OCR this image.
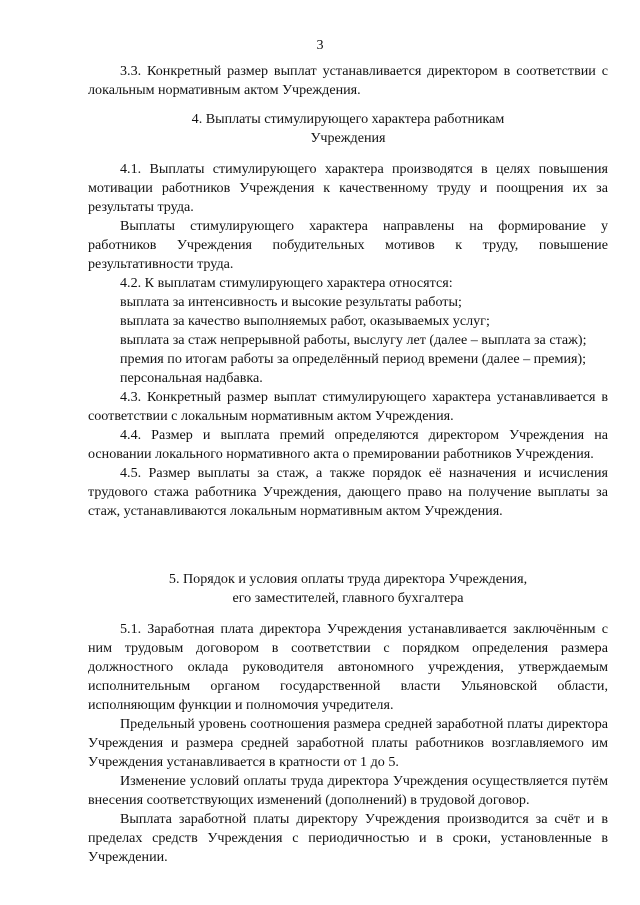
3

3.3. Конкретный размер выплат устанавливается директором в соответствии с локальным нормативным актом Учреждения.

4. Выплаты стимулирующего характера работникам
Учреждения

4.1. Выплаты стимулирующего характера производятся в целях повышения мотивации работников Учреждения к качественному труду и поощрения их за результаты труда.

Выплаты стимулирующего характера направлены на формирование у работников Учреждения побудительных мотивов к труду, повышение результативности труда.

4.2. К выплатам стимулирующего характера относятся:

выплата за интенсивность и высокие результаты работы;

выплата за качество выполняемых работ, оказываемых услуг;

выплата за стаж непрерывной работы, выслугу лет (далее – выплата за стаж);

премия по итогам работы за определённый период времени (далее – премия);

персональная надбавка.

4.3. Конкретный размер выплат стимулирующего характера устанавливается в соответствии с локальным нормативным актом Учреждения.

4.4. Размер и выплата премий определяются директором Учреждения на основании локального нормативного акта о премировании работников Учреждения.

4.5. Размер выплаты за стаж, а также порядок её назначения и исчисления трудового стажа работника Учреждения, дающего право на получение выплаты за стаж, устанавливаются локальным нормативным актом Учреждения.

5. Порядок и условия оплаты труда директора Учреждения,
его заместителей, главного бухгалтера

5.1. Заработная плата директора Учреждения устанавливается заключённым с ним трудовым договором в соответствии с порядком определения размера должностного оклада руководителя автономного учреждения, утверждаемым исполнительным органом государственной власти Ульяновской области, исполняющим функции и полномочия учредителя.

Предельный уровень соотношения размера средней заработной платы директора Учреждения и размера средней заработной платы работников возглавляемого им Учреждения устанавливается в кратности от 1 до 5.

Изменение условий оплаты труда директора Учреждения осуществляется путём внесения соответствующих изменений (дополнений) в трудовой договор.

Выплата заработной платы директору Учреждения производится за счёт и в пределах средств Учреждения с периодичностью и в сроки, установленные в Учреждении.
